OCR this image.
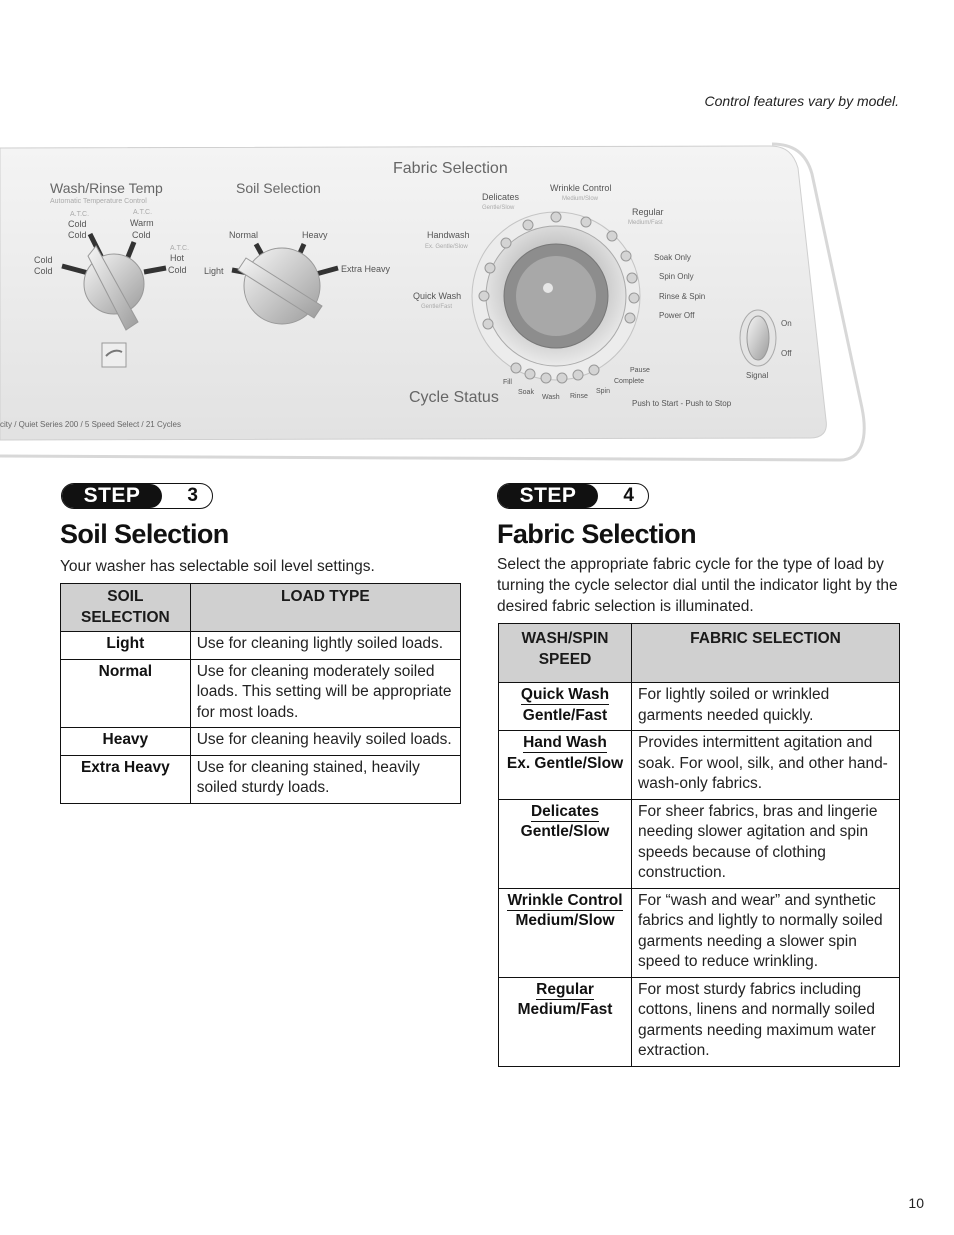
Control features vary by model.
Wash/Rinse Temp
Automatic Temperature Control
Cold
Cold
A.T.C.
Cold
Cold
A.T.C.
Warm
Cold
A.T.C.
Hot
Cold
Soil Selection
Normal	Heavy
Light	Extra Heavy
Fabric Selection
Delicates
Gentle/Slow
Wrinkle Control
Medium/Slow
Regular
Medium/Fast
Handwash
Ex. Gentle/Slow
Quick Wash
Gentle/Fast
Soak Only
Spin Only
Rinse & Spin
Power Off
Cycle Status
Fill
Soak
Wash Rinse
Spin
Pause
Complete
Push to Start - Push to Stop
On
Off
Signal
city / Quiet Series 200 / 5 Speed Select / 21 Cycles
STEP	3
Soil Selection

Your washer has selectable soil level settings.

SOIL SELECTION	LOAD TYPE
Light	Use for cleaning lightly soiled loads.
Normal	Use for cleaning moderately soiled loads. This setting will be appropriate for most loads.
Heavy	Use for cleaning heavily soiled loads.
Extra Heavy	Use for cleaning stained, heavily soiled sturdy loads.
STEP	4
Fabric Selection

Select the appropriate fabric cycle for the type of load by turning the cycle selector dial until the indicator light by the desired fabric selection is illuminated.

WASH/SPIN SPEED	FABRIC SELECTION
Quick Wash
Gentle/Fast	For lightly soiled or wrinkled garments needed quickly.
Hand Wash
Ex. Gentle/Slow	Provides intermittent agitation and soak. For wool, silk, and other hand-wash-only fabrics.
Delicates
Gentle/Slow	For sheer fabrics, bras and lingerie needing slower agitation and spin speeds because of clothing construction.
Wrinkle Control
Medium/Slow	For “wash and wear” and synthetic fabrics and lightly to normally soiled garments needing a slower spin speed to reduce wrinkling.
Regular
Medium/Fast	For most sturdy fabrics including cottons, linens and normally soiled garments needing maximum water extraction.
10
